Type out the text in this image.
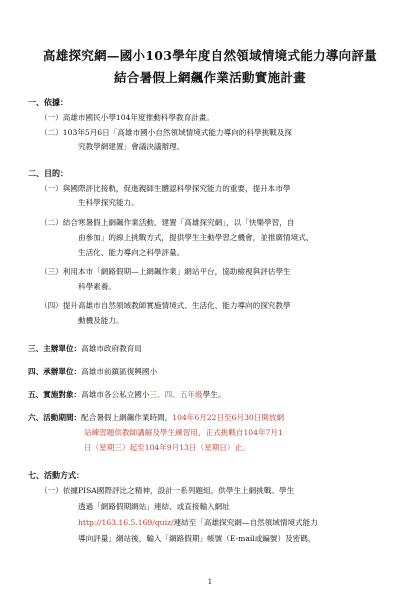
高雄探究網—國小103學年度自然領域情境式能力導向評量
結合暑假上網飆作業活動實施計畫
一、依據：
（一）高雄市國民小學104年度推動科學教育計畫。
（二）103年5月6日「高雄市國小自然領域情境式能力導向的科學挑戰及探
究教學網建置」會議決議辦理。
二、目的：
（一）與國際評比接軌，促進親師生體認科學探究能力的重要，提升本市學
生科學探究能力。
（二）結合寒暑假上網飆作業活動，建置「高雄探究網」，以「快樂學習，自
由參加」的線上挑戰方式，提供學生主動學習之機會，並推廣情境式、
生活化、能力導向之科學評量。
（三）利用本市「網路假期—上網飆作業」網站平台，協助檢視與評估學生
科學素養。
（四）提升高雄市自然領域教師實施情境式、生活化、能力導向的探究教學
動機及能力。
三、主辦單位：高雄市政府教育局
四、承辦單位：高雄市前鎮區復興國小
五、實施對象：高雄市各公私立國小三、四、五年級學生。
六、活動期間：配合暑假上網飆作業時間，104年6月22日至6月30日開放網
站練習題供教師講解及學生練習用，正式挑戰自104年7月1
日（星期三）起至104年9月13日（星期日）止。
七、活動方式：
（一）依據PISA國際評比之精神，設計一系列題組，供學生上網挑戰。學生
透過「網路假期網站」連結、或直接輸入網址
http://163.16.5.169/quiz/連結至「高雄探究網—自然領域情境式能力
導向評量」網站後，輸入「網路假期」帳號（E-mail或編號）及密碼，
1
